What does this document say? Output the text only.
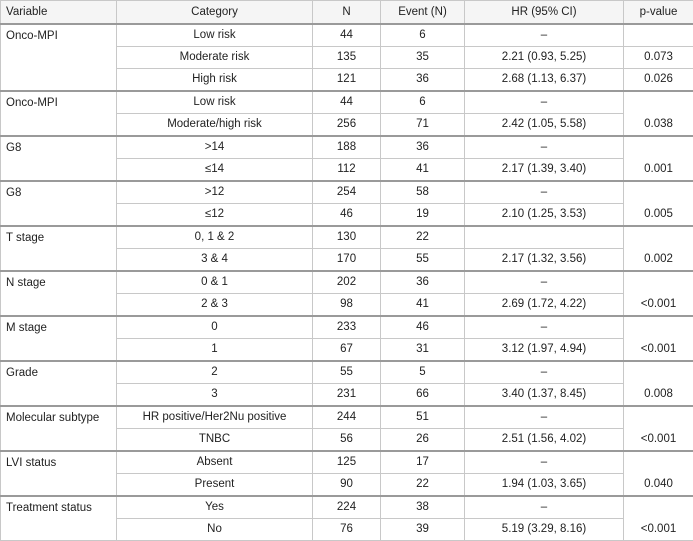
Variable	Category	N	Event (N)	HR (95% CI)	p-value
Onco-MPI	Low risk	44	6	–	
	Moderate risk	135	35	2.21 (0.93, 5.25)	0.073
	High risk	121	36	2.68 (1.13, 6.37)	0.026
Onco-MPI	Low risk	44	6	–	0.038
	Moderate/high risk	256	71	2.42 (1.05, 5.58)	
G8	>14	188	36	–	0.001
	≤14	112	41	2.17 (1.39, 3.40)	
G8	>12	254	58	–	0.005
	≤12	46	19	2.10 (1.25, 3.53)	
T stage	0, 1 & 2	130	22		0.002
	3 & 4	170	55	2.17 (1.32, 3.56)	
N stage	0 & 1	202	36	–	<0.001
	2 & 3	98	41	2.69 (1.72, 4.22)	
M stage	0	233	46	–	<0.001
	1	67	31	3.12 (1.97, 4.94)	
Grade	2	55	5	–	0.008
	3	231	66	3.40 (1.37, 8.45)	
Molecular subtype	HR positive/Her2Nu positive	244	51	–	<0.001
	TNBC	56	26	2.51 (1.56, 4.02)	
LVI status	Absent	125	17	–	0.040
	Present	90	22	1.94 (1.03, 3.65)	
Treatment status	Yes	224	38	–	<0.001
	No	76	39	5.19 (3.29, 8.16)	
